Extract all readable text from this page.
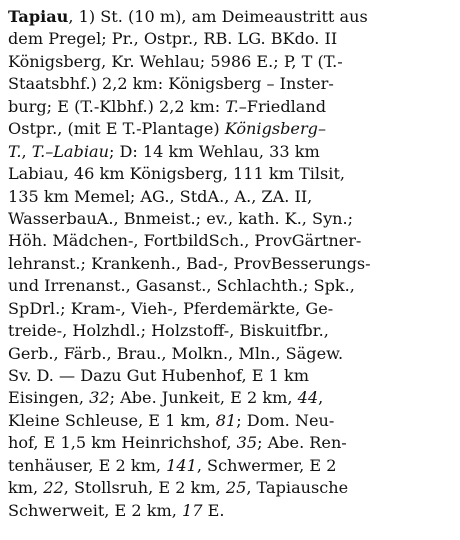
Tapiau, 1) St. (10 m), am Deimeaustritt aus
dem Pregel; Pr., Ostpr., RB. LG. BKdo. II
Königsberg, Kr. Wehlau; 5986 E.; P, T (T.-
Staatsbhf.) 2,2 km: Königsberg – Inster-
burg; E (T.-Klbhf.) 2,2 km: T.–Friedland
Ostpr., (mit E T.-Plantage) Königsberg–
T., T.–Labiau; D: 14 km Wehlau, 33 km
Labiau, 46 km Königsberg, 111 km Tilsit,
135 km Memel; AG., StdA., A., ZA. II,
WasserbauA., Bnmeist.; ev., kath. K., Syn.;
Höh. Mädchen-, FortbildSch., ProvGärtner-
lehranst.; Krankenh., Bad-, ProvBesserungs-
und Irrenanst., Gasanst., Schlachth.; Spk.,
SpDrl.; Kram-, Vieh-, Pferdemärkte, Ge-
treide-, Holzhdl.; Holzstoff-, Biskuitfbr.,
Gerb., Färb., Brau., Molkn., Mln., Sägew.
Sv. D. — Dazu Gut Hubenhof, E 1 km
Eisingen, 32; Abe. Junkeit, E 2 km, 44,
Kleine Schleuse, E 1 km, 81; Dom. Neu-
hof, E 1,5 km Heinrichshof, 35; Abe. Ren-
tenhäuser, E 2 km, 141, Schwermer, E 2
km, 22, Stollsruh, E 2 km, 25, Tapiausche
Schwerweit, E 2 km, 17 E.
